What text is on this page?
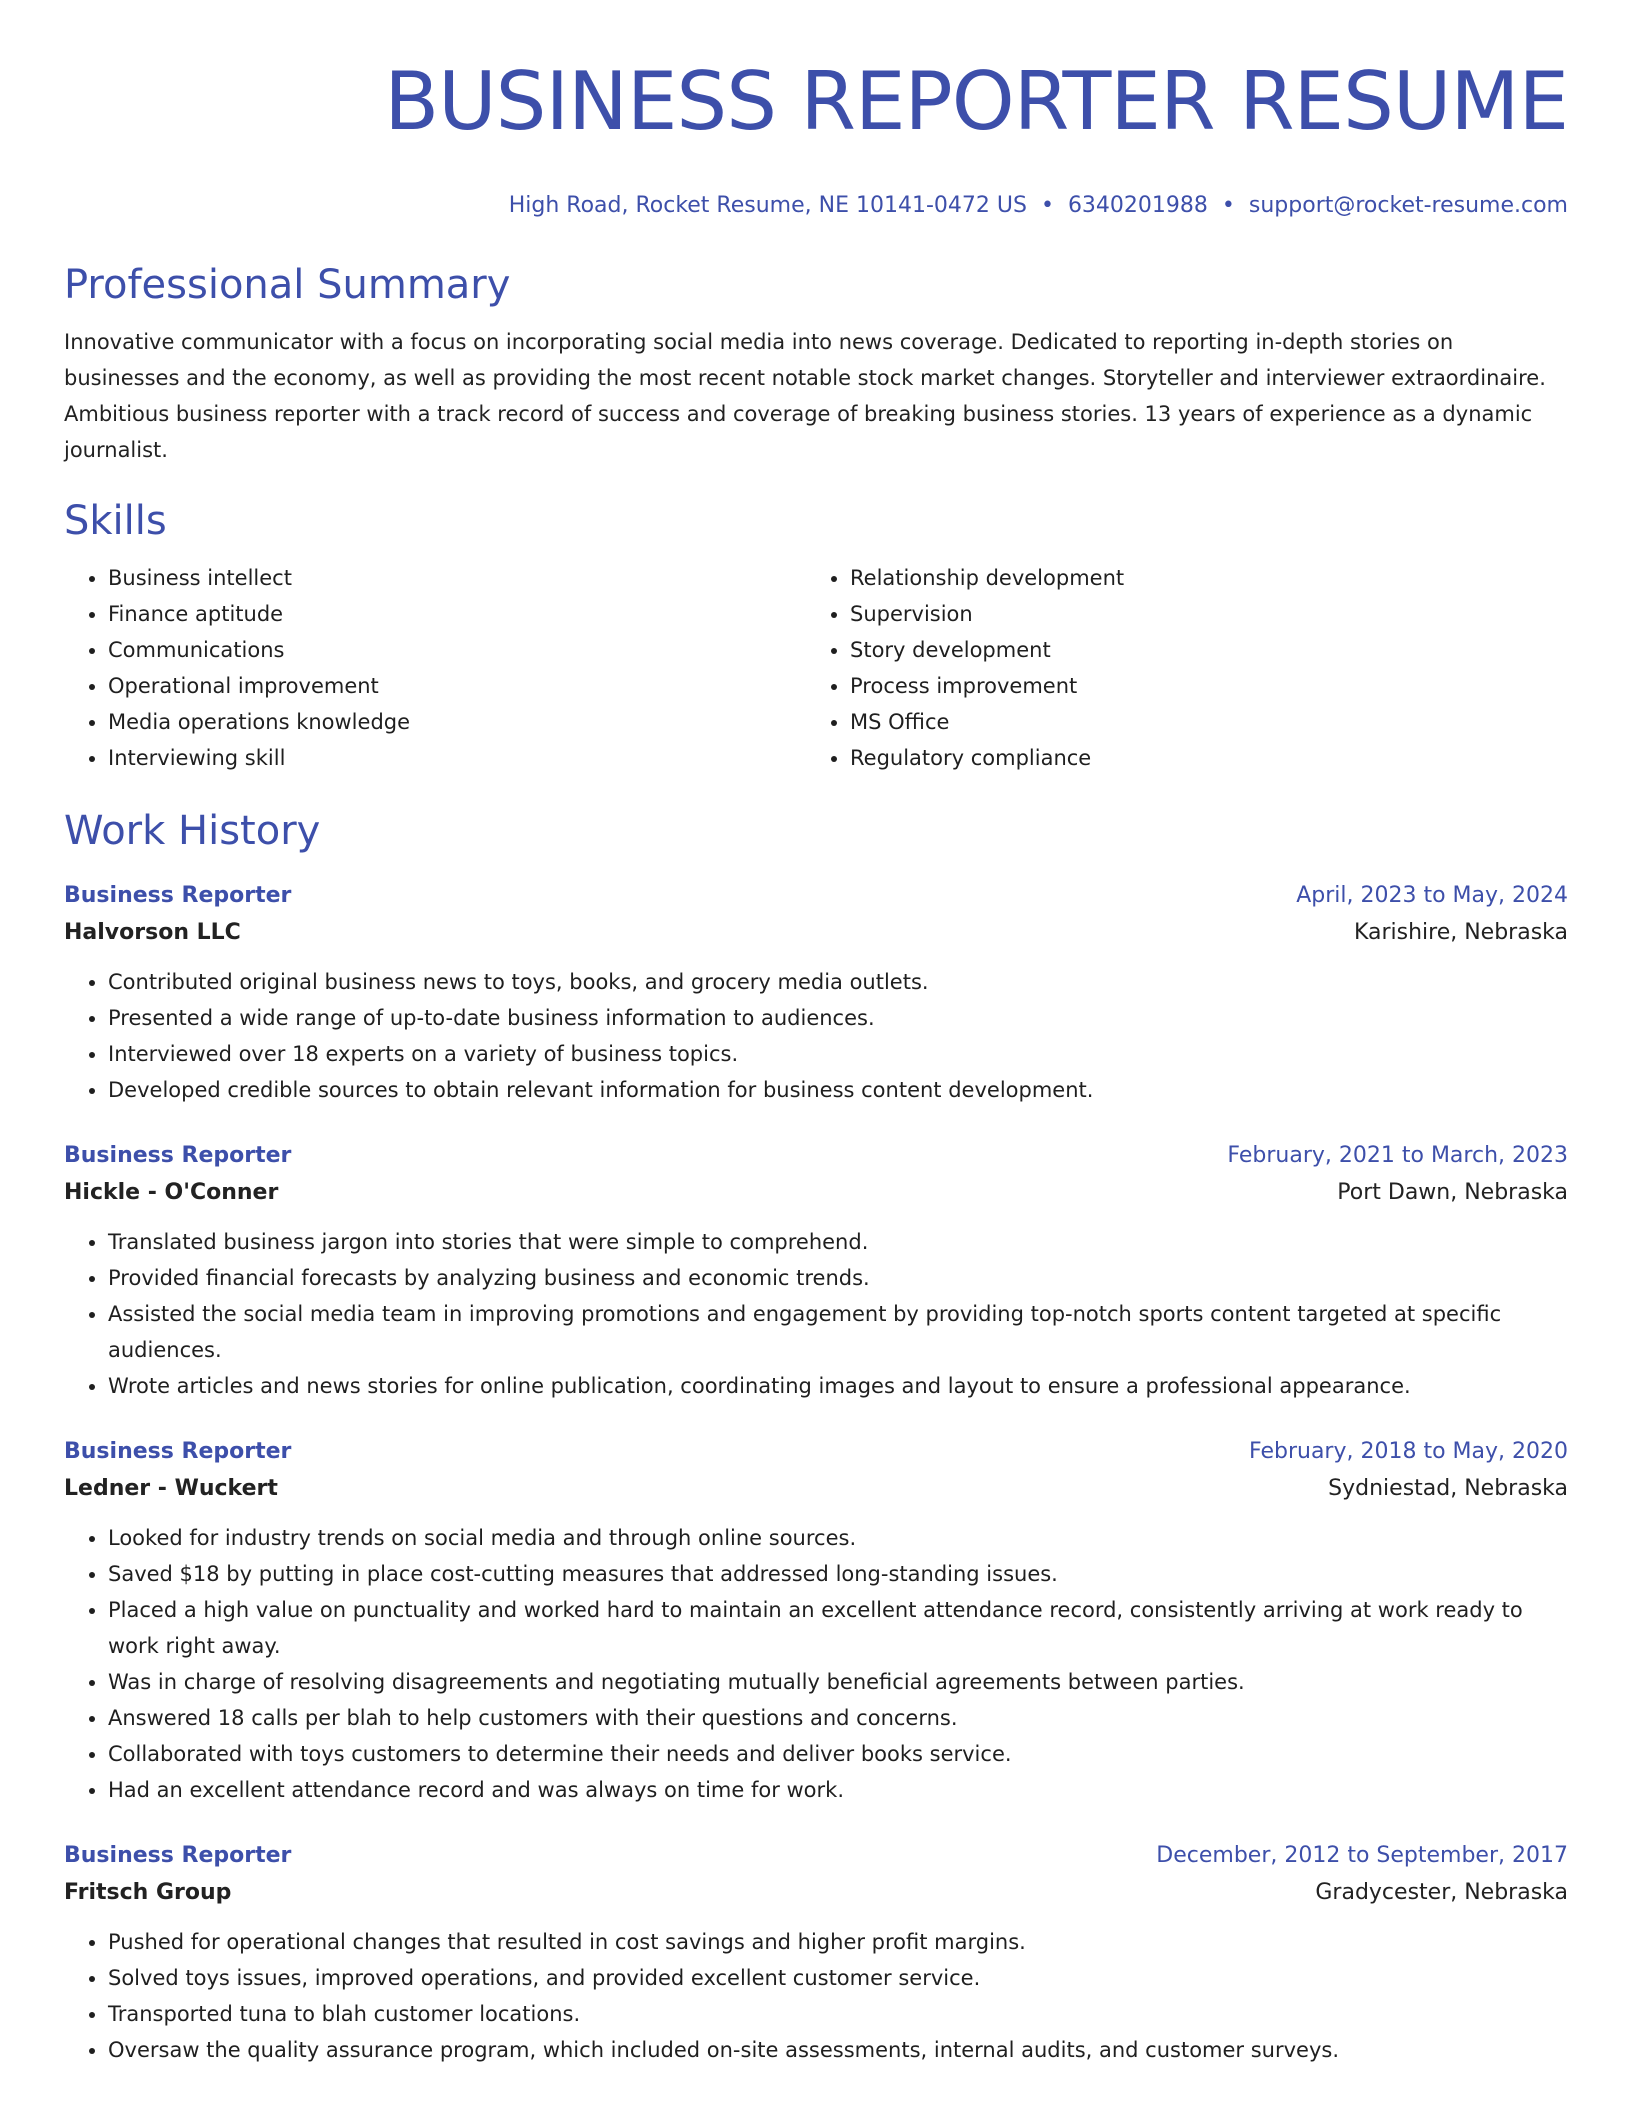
BUSINESS REPORTER RESUME
High Road, Rocket Resume, NE 10141-0472 US • 6340201988 • support@rocket-resume.com
Professional Summary
Innovative communicator with a focus on incorporating social media into news coverage. Dedicated to reporting in-depth stories on businesses and the economy, as well as providing the most recent notable stock market changes. Storyteller and interviewer extraordinaire. Ambitious business reporter with a track record of success and coverage of breaking business stories. 13 years of experience as a dynamic journalist.
Skills
• Business intellect
• Finance aptitude
• Communications
• Operational improvement
• Media operations knowledge
• Interviewing skill
• Relationship development
• Supervision
• Story development
• Process improvement
• MS Office
• Regulatory compliance
Work History
Business Reporter	April, 2023 to May, 2024
Halvorson LLC	Karishire, Nebraska
• Contributed original business news to toys, books, and grocery media outlets.
• Presented a wide range of up-to-date business information to audiences.
• Interviewed over 18 experts on a variety of business topics.
• Developed credible sources to obtain relevant information for business content development.
Business Reporter	February, 2021 to March, 2023
Hickle - O'Conner	Port Dawn, Nebraska
• Translated business jargon into stories that were simple to comprehend.
• Provided financial forecasts by analyzing business and economic trends.
• Assisted the social media team in improving promotions and engagement by providing top-notch sports content targeted at specific audiences.
• Wrote articles and news stories for online publication, coordinating images and layout to ensure a professional appearance.
Business Reporter	February, 2018 to May, 2020
Ledner - Wuckert	Sydniestad, Nebraska
• Looked for industry trends on social media and through online sources.
• Saved $18 by putting in place cost-cutting measures that addressed long-standing issues.
• Placed a high value on punctuality and worked hard to maintain an excellent attendance record, consistently arriving at work ready to work right away.
• Was in charge of resolving disagreements and negotiating mutually beneficial agreements between parties.
• Answered 18 calls per blah to help customers with their questions and concerns.
• Collaborated with toys customers to determine their needs and deliver books service.
• Had an excellent attendance record and was always on time for work.
Business Reporter	December, 2012 to September, 2017
Fritsch Group	Gradycester, Nebraska
• Pushed for operational changes that resulted in cost savings and higher profit margins.
• Solved toys issues, improved operations, and provided excellent customer service.
• Transported tuna to blah customer locations.
• Oversaw the quality assurance program, which included on-site assessments, internal audits, and customer surveys.
